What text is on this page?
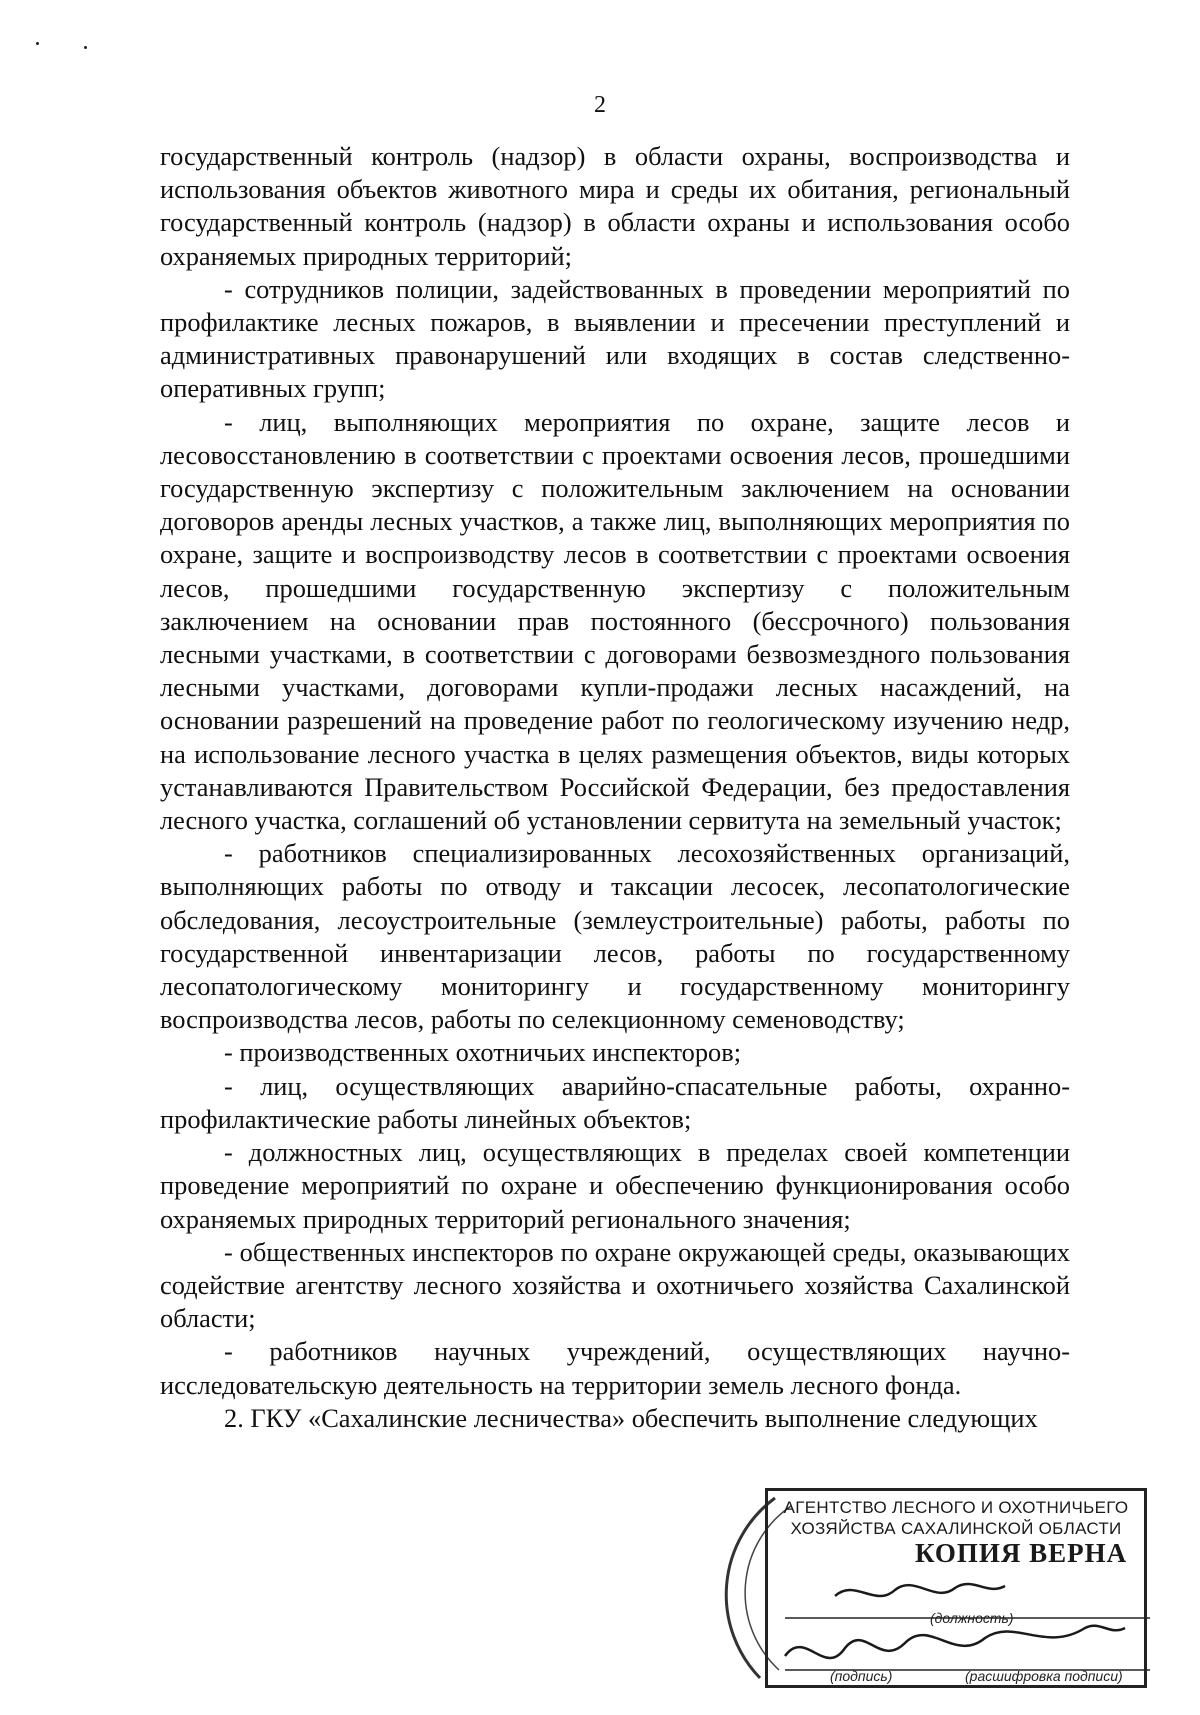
2

государственный контроль (надзор) в области охраны, воспроизводства и использования объектов животного мира и среды их обитания, региональный государственный контроль (надзор) в области охраны и использования особо охраняемых природных территорий;

- сотрудников полиции, задействованных в проведении мероприятий по профилактике лесных пожаров, в выявлении и пресечении преступлений и административных правонарушений или входящих в состав следственно-оперативных групп;

- лиц, выполняющих мероприятия по охране, защите лесов и лесовосстановлению в соответствии с проектами освоения лесов, прошедшими государственную экспертизу с положительным заключением на основании договоров аренды лесных участков, а также лиц, выполняющих мероприятия по охране, защите и воспроизводству лесов в соответствии с проектами освоения лесов, прошедшими государственную экспертизу с положительным заключением на основании прав постоянного (бессрочного) пользования лесными участками, в соответствии с договорами безвозмездного пользования лесными участками, договорами купли-продажи лесных насаждений, на основании разрешений на проведение работ по геологическому изучению недр, на использование лесного участка в целях размещения объектов, виды которых устанавливаются Правительством Российской Федерации, без предоставления лесного участка, соглашений об установлении сервитута на земельный участок;

- работников специализированных лесохозяйственных организаций, выполняющих работы по отводу и таксации лесосек, лесопатологические обследования, лесоустроительные (землеустроительные) работы, работы по государственной инвентаризации лесов, работы по государственному лесопатологическому мониторингу и государственному мониторингу воспроизводства лесов, работы по селекционному семеноводству;

- производственных охотничьих инспекторов;

- лиц, осуществляющих аварийно-спасательные работы, охранно-профилактические работы линейных объектов;

- должностных лиц, осуществляющих в пределах своей компетенции проведение мероприятий по охране и обеспечению функционирования особо охраняемых природных территорий регионального значения;

- общественных инспекторов по охране окружающей среды, оказывающих содействие агентству лесного хозяйства и охотничьего хозяйства Сахалинской области;

- работников научных учреждений, осуществляющих научно-исследовательскую деятельность на территории земель лесного фонда.

2. ГКУ «Сахалинские лесничества» обеспечить выполнение следующих

АГЕНТСТВО ЛЕСНОГО И ОХОТНИЧЬЕГО
ХОЗЯЙСТВА САХАЛИНСКОЙ ОБЛАСТИ
КОПИЯ ВЕРНА
(должность)
(подпись)	(расшифровка подписи)
